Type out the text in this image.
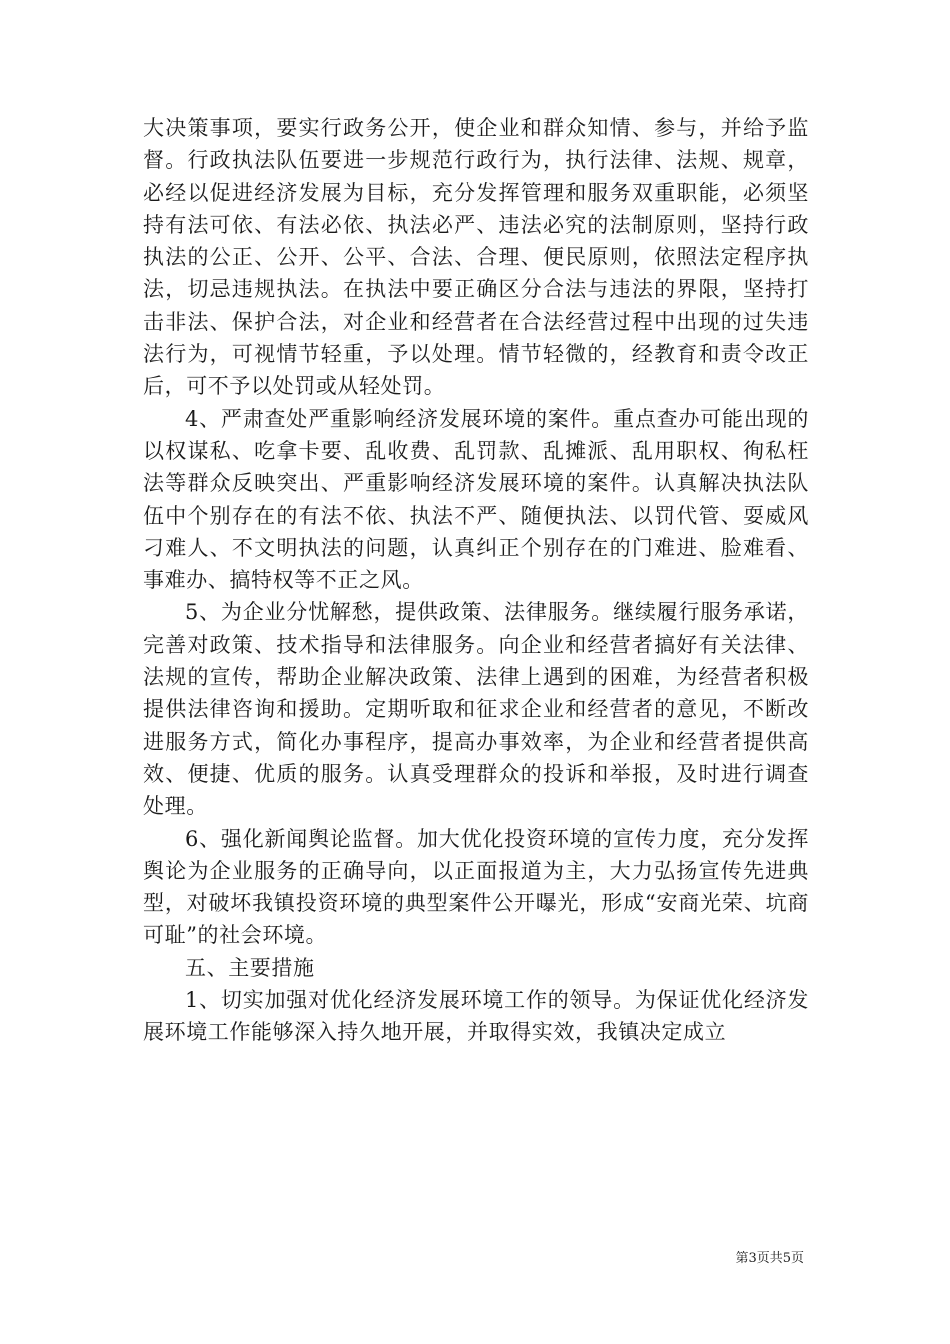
大决策事项，要实行政务公开，使企业和群众知情、参与，并给予监督。行政执法队伍要进一步规范行政行为，执行法律、法规、规章，必经以促进经济发展为目标，充分发挥管理和服务双重职能，必须坚持有法可依、有法必依、执法必严、违法必究的法制原则，坚持行政执法的公正、公开、公平、合法、合理、便民原则，依照法定程序执法，切忌违规执法。在执法中要正确区分合法与违法的界限，坚持打击非法、保护合法，对企业和经营者在合法经营过程中出现的过失违法行为，可视情节轻重，予以处理。情节轻微的，经教育和责令改正后，可不予以处罚或从轻处罚。

4、严肃查处严重影响经济发展环境的案件。重点查办可能出现的以权谋私、吃拿卡要、乱收费、乱罚款、乱摊派、乱用职权、徇私枉法等群众反映突出、严重影响经济发展环境的案件。认真解决执法队伍中个别存在的有法不依、执法不严、随便执法、以罚代管、耍威风刁难人、不文明执法的问题，认真纠正个别存在的门难进、脸难看、事难办、搞特权等不正之风。

5、为企业分忧解愁，提供政策、法律服务。继续履行服务承诺，完善对政策、技术指导和法律服务。向企业和经营者搞好有关法律、法规的宣传，帮助企业解决政策、法律上遇到的困难，为经营者积极提供法律咨询和援助。定期听取和征求企业和经营者的意见，不断改进服务方式，简化办事程序，提高办事效率，为企业和经营者提供高效、便捷、优质的服务。认真受理群众的投诉和举报，及时进行调查处理。

6、强化新闻舆论监督。加大优化投资环境的宣传力度，充分发挥舆论为企业服务的正确导向，以正面报道为主，大力弘扬宣传先进典型，对破坏我镇投资环境的典型案件公开曝光，形成“安商光荣、坑商可耻”的社会环境。

五、主要措施

1、切实加强对优化经济发展环境工作的领导。为保证优化经济发展环境工作能够深入持久地开展，并取得实效，我镇决定成立

第3页共5页
